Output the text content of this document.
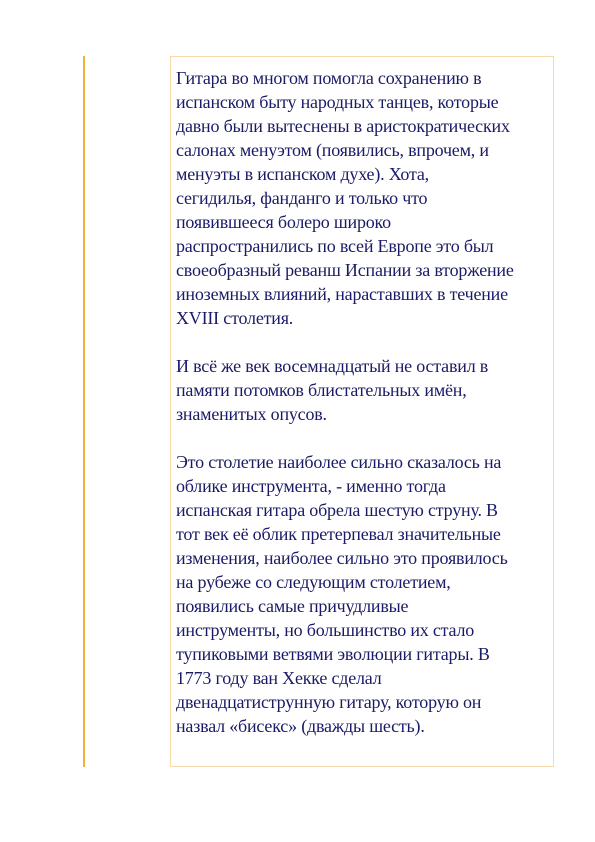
Гитара во многом помогла сохранению в
испанском быту народных танцев, которые
давно были вытеснены в аристократических
салонах менуэтом (появились, впрочем, и
менуэты в испанском духе). Хота,
сегидилья, фанданго и только что
появившееся болеро широко
распространились по всей Европе это был
своеобразный реванш Испании за вторжение
иноземных влияний, нараставших в течение
XVIII столетия.

И всё же век восемнадцатый не оставил в
памяти потомков блистательных имён,
знаменитых опусов.

Это столетие наиболее сильно сказалось на
облике инструмента, - именно тогда
испанская гитара обрела шестую струну. В
тот век её облик претерпевал значительные
изменения, наиболее сильно это проявилось
на рубеже со следующим столетием,
появились самые причудливые
инструменты, но большинство их стало
тупиковыми ветвями эволюции гитары. В
1773 году ван Хекке сделал
двенадцатиструнную гитару, которую он
назвал «бисекс» (дважды шесть).
